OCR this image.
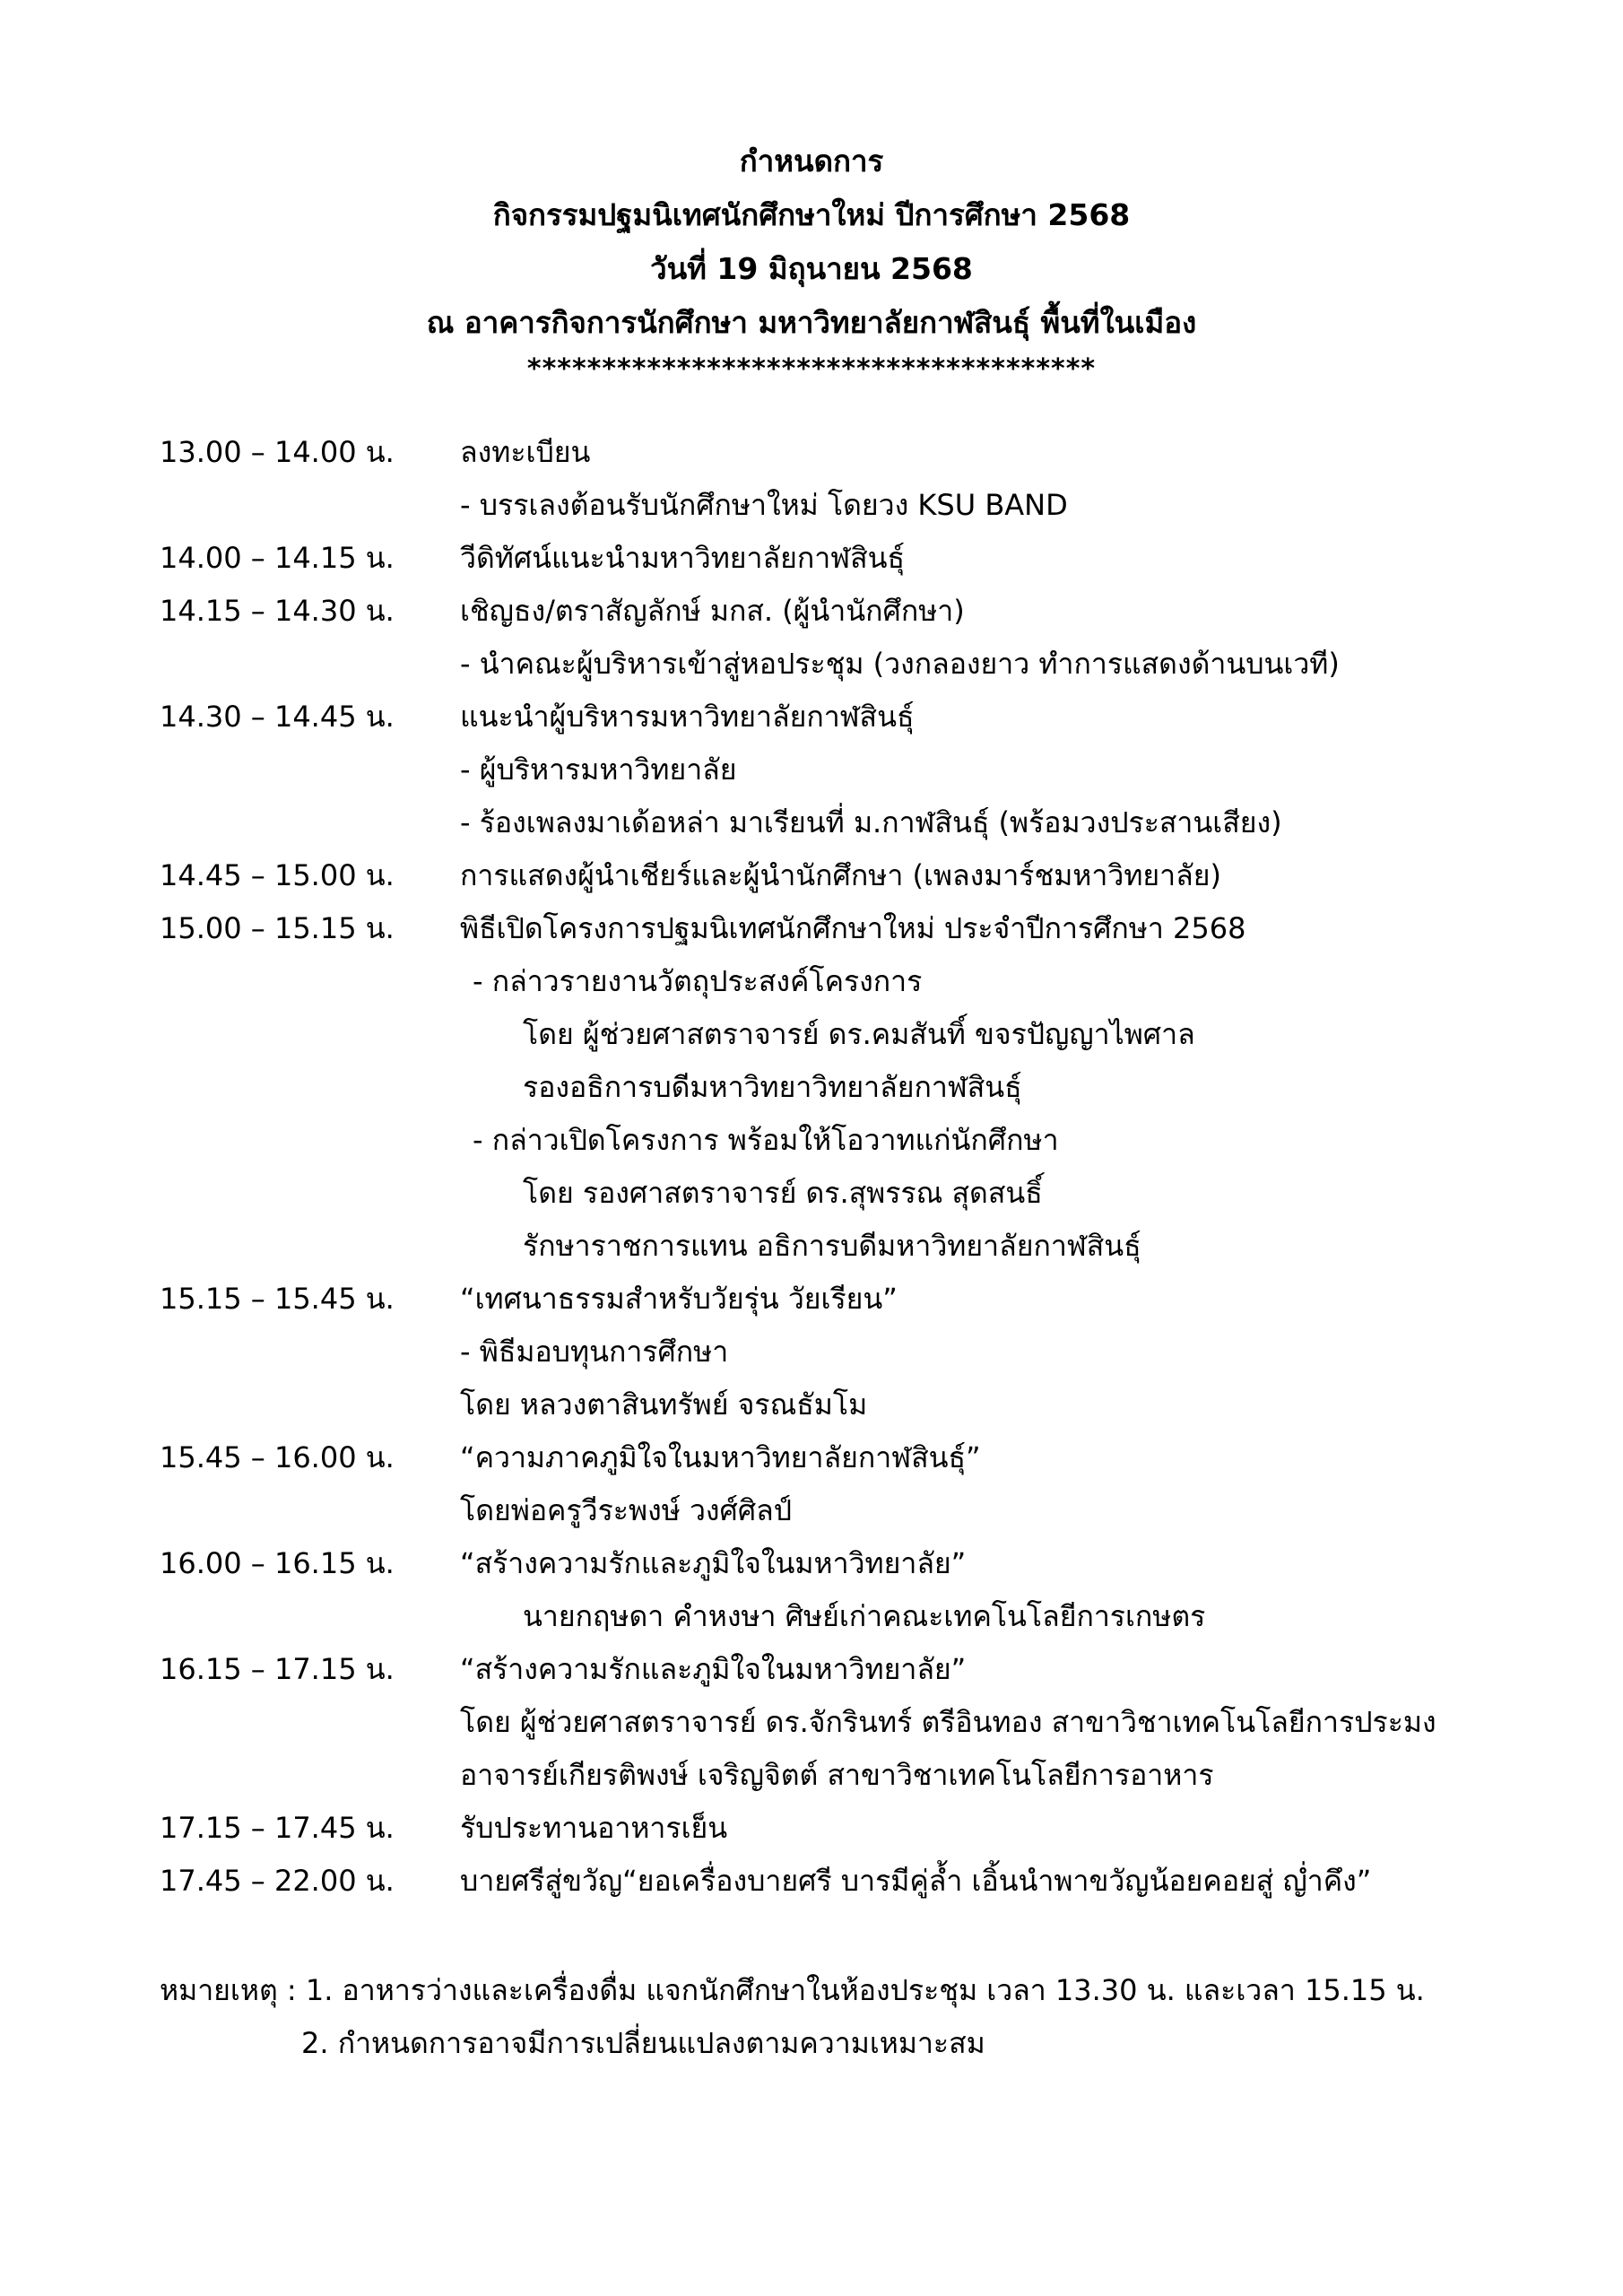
กำหนดการ
กิจกรรมปฐมนิเทศนักศึกษาใหม่ ปีการศึกษา 2568
วันที่ 19 มิถุนายน 2568
ณ อาคารกิจการนักศึกษา มหาวิทยาลัยกาฬสินธุ์ พื้นที่ในเมือง
**************************************
13.00 – 14.00 น.	ลงทะเบียน
- บรรเลงต้อนรับนักศึกษาใหม่ โดยวง KSU BAND
14.00 – 14.15 น.	วีดิทัศน์แนะนำมหาวิทยาลัยกาฬสินธุ์
14.15 – 14.30 น.	เชิญธง/ตราสัญลักษ์ มกส. (ผู้นำนักศึกษา)
- นำคณะผู้บริหารเข้าสู่หอประชุม (วงกลองยาว ทำการแสดงด้านบนเวที)
14.30 – 14.45 น.	แนะนำผู้บริหารมหาวิทยาลัยกาฬสินธุ์
- ผู้บริหารมหาวิทยาลัย
- ร้องเพลงมาเด้อหล่า มาเรียนที่ ม.กาฬสินธุ์ (พร้อมวงประสานเสียง)
14.45 – 15.00 น.	การแสดงผู้นำเชียร์และผู้นำนักศึกษา (เพลงมาร์ชมหาวิทยาลัย)
15.00 – 15.15 น.	พิธีเปิดโครงการปฐมนิเทศนักศึกษาใหม่ ประจำปีการศึกษา 2568
- กล่าวรายงานวัตถุประสงค์โครงการ
โดย ผู้ช่วยศาสตราจารย์ ดร.คมสันทิ์ ขจรปัญญาไพศาล
รองอธิการบดีมหาวิทยาวิทยาลัยกาฬสินธุ์
- กล่าวเปิดโครงการ พร้อมให้โอวาทแก่นักศึกษา
โดย รองศาสตราจารย์ ดร.สุพรรณ สุดสนธิ์
รักษาราชการแทน อธิการบดีมหาวิทยาลัยกาฬสินธุ์
15.15 – 15.45 น.	“เทศนาธรรมสำหรับวัยรุ่น วัยเรียน”
- พิธีมอบทุนการศึกษา
โดย หลวงตาสินทรัพย์ จรณธัมโม
15.45 – 16.00 น.	“ความภาคภูมิใจในมหาวิทยาลัยกาฬสินธุ์”
โดยพ่อครูวีระพงษ์ วงศ์ศิลป์
16.00 – 16.15 น.	“สร้างความรักและภูมิใจในมหาวิทยาลัย”
นายกฤษดา คำหงษา ศิษย์เก่าคณะเทคโนโลยีการเกษตร
16.15 – 17.15 น.	“สร้างความรักและภูมิใจในมหาวิทยาลัย”
โดย ผู้ช่วยศาสตราจารย์ ดร.จักรินทร์ ตรีอินทอง สาขาวิชาเทคโนโลยีการประมง
อาจารย์เกียรติพงษ์ เจริญจิตต์ สาขาวิชาเทคโนโลยีการอาหาร
17.15 – 17.45 น.	รับประทานอาหารเย็น
17.45 – 22.00 น.	บายศรีสู่ขวัญ“ยอเครื่องบายศรี บารมีคู่ล้ำ เอิ้นนำพาขวัญน้อยคอยสู่ ญ่ำคึง”
หมายเหตุ : 1. อาหารว่างและเครื่องดื่ม แจกนักศึกษาในห้องประชุม เวลา 13.30 น. และเวลา 15.15 น.
2. กำหนดการอาจมีการเปลี่ยนแปลงตามความเหมาะสม
